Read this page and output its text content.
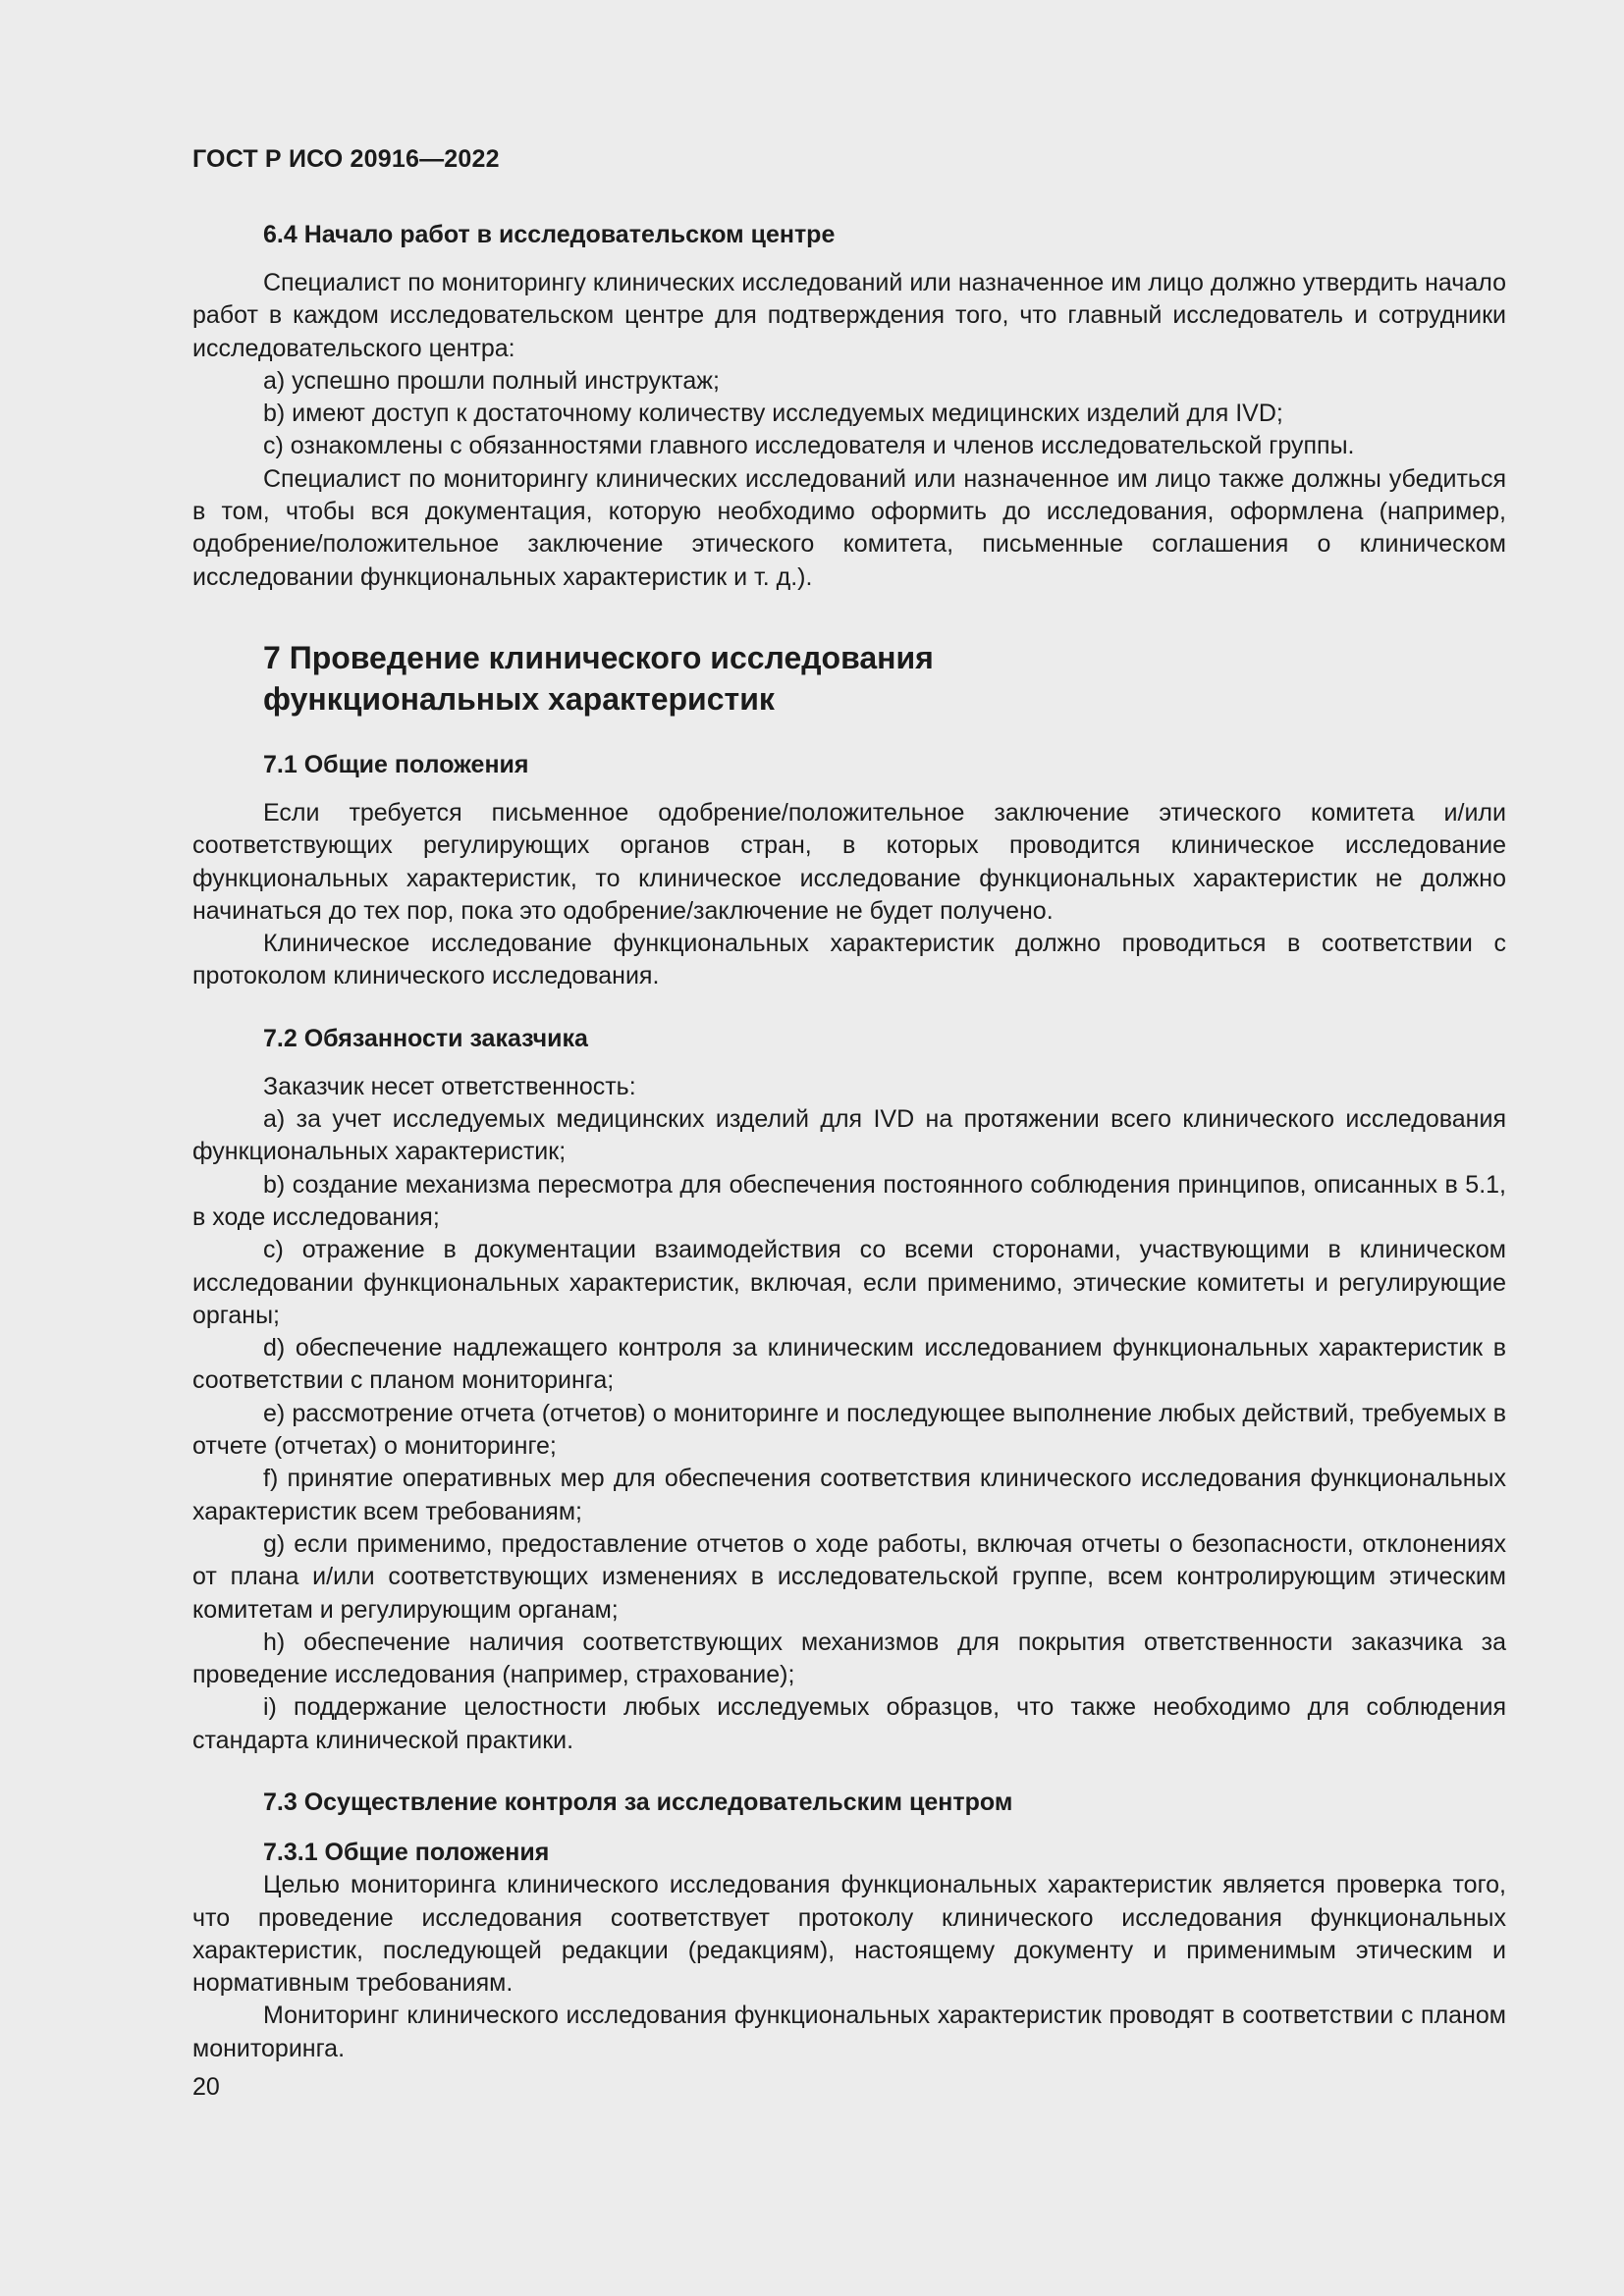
ГОСТ Р ИСО 20916—2022
6.4 Начало работ в исследовательском центре

Специалист по мониторингу клинических исследований или назначенное им лицо должно утвердить начало работ в каждом исследовательском центре для подтверждения того, что главный исследователь и сотрудники исследовательского центра:

а) успешно прошли полный инструктаж;

b) имеют доступ к достаточному количеству исследуемых медицинских изделий для IVD;

с) ознакомлены с обязанностями главного исследователя и членов исследовательской группы.

Специалист по мониторингу клинических исследований или назначенное им лицо также должны убедиться в том, чтобы вся документация, которую необходимо оформить до исследования, оформлена (например, одобрение/положительное заключение этического комитета, письменные соглашения о клиническом исследовании функциональных характеристик и т. д.).

7 Проведение клинического исследования
функциональных характеристик
7.1 Общие положения

Если требуется письменное одобрение/положительное заключение этического комитета и/или соответствующих регулирующих органов стран, в которых проводится клиническое исследование функциональных характеристик, то клиническое исследование функциональных характеристик не должно начинаться до тех пор, пока это одобрение/заключение не будет получено.

Клиническое исследование функциональных характеристик должно проводиться в соответствии с протоколом клинического исследования.

7.2 Обязанности заказчика

Заказчик несет ответственность:

а) за учет исследуемых медицинских изделий для IVD на протяжении всего клинического исследования функциональных характеристик;

b) создание механизма пересмотра для обеспечения постоянного соблюдения принципов, описанных в 5.1, в ходе исследования;

с) отражение в документации взаимодействия со всеми сторонами, участвующими в клиническом исследовании функциональных характеристик, включая, если применимо, этические комитеты и регулирующие органы;

d) обеспечение надлежащего контроля за клиническим исследованием функциональных характеристик в соответствии с планом мониторинга;

е) рассмотрение отчета (отчетов) о мониторинге и последующее выполнение любых действий, требуемых в отчете (отчетах) о мониторинге;

f) принятие оперативных мер для обеспечения соответствия клинического исследования функциональных характеристик всем требованиям;

g) если применимо, предоставление отчетов о ходе работы, включая отчеты о безопасности, отклонениях от плана и/или соответствующих изменениях в исследовательской группе, всем контролирующим этическим комитетам и регулирующим органам;

h) обеспечение наличия соответствующих механизмов для покрытия ответственности заказчика за проведение исследования (например, страхование);

i) поддержание целостности любых исследуемых образцов, что также необходимо для соблюдения стандарта клинической практики.

7.3 Осуществление контроля за исследовательским центром
7.3.1 Общие положения

Целью мониторинга клинического исследования функциональных характеристик является проверка того, что проведение исследования соответствует протоколу клинического исследования функциональных характеристик, последующей редакции (редакциям), настоящему документу и применимым этическим и нормативным требованиям.

Мониторинг клинического исследования функциональных характеристик проводят в соответствии с планом мониторинга.

20
